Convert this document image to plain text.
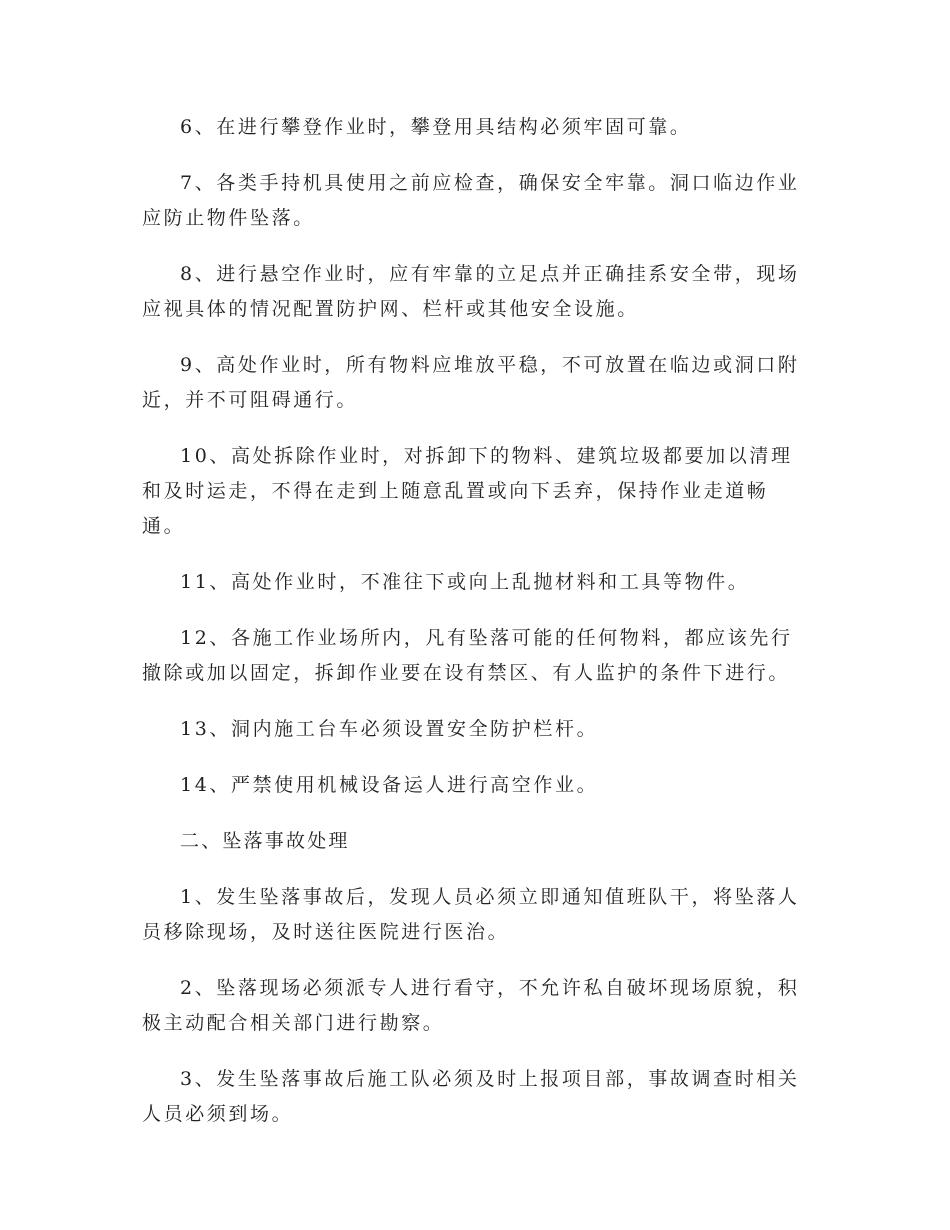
6、在进行攀登作业时，攀登用具结构必须牢固可靠。

7、各类手持机具使用之前应检查，确保安全牢靠。洞口临边作业应防止物件坠落。

8、进行悬空作业时，应有牢靠的立足点并正确挂系安全带，现场应视具体的情况配置防护网、栏杆或其他安全设施。

9、高处作业时，所有物料应堆放平稳，不可放置在临边或洞口附近，并不可阻碍通行。

10、高处拆除作业时，对拆卸下的物料、建筑垃圾都要加以清理和及时运走，不得在走到上随意乱置或向下丢弃，保持作业走道畅通。

11、高处作业时，不准往下或向上乱抛材料和工具等物件。

12、各施工作业场所内，凡有坠落可能的任何物料，都应该先行撤除或加以固定，拆卸作业要在设有禁区、有人监护的条件下进行。

13、洞内施工台车必须设置安全防护栏杆。

14、严禁使用机械设备运人进行高空作业。

二、坠落事故处理

1、发生坠落事故后，发现人员必须立即通知值班队干，将坠落人员移除现场，及时送往医院进行医治。

2、坠落现场必须派专人进行看守，不允许私自破坏现场原貌，积极主动配合相关部门进行勘察。

3、发生坠落事故后施工队必须及时上报项目部，事故调查时相关人员必须到场。
